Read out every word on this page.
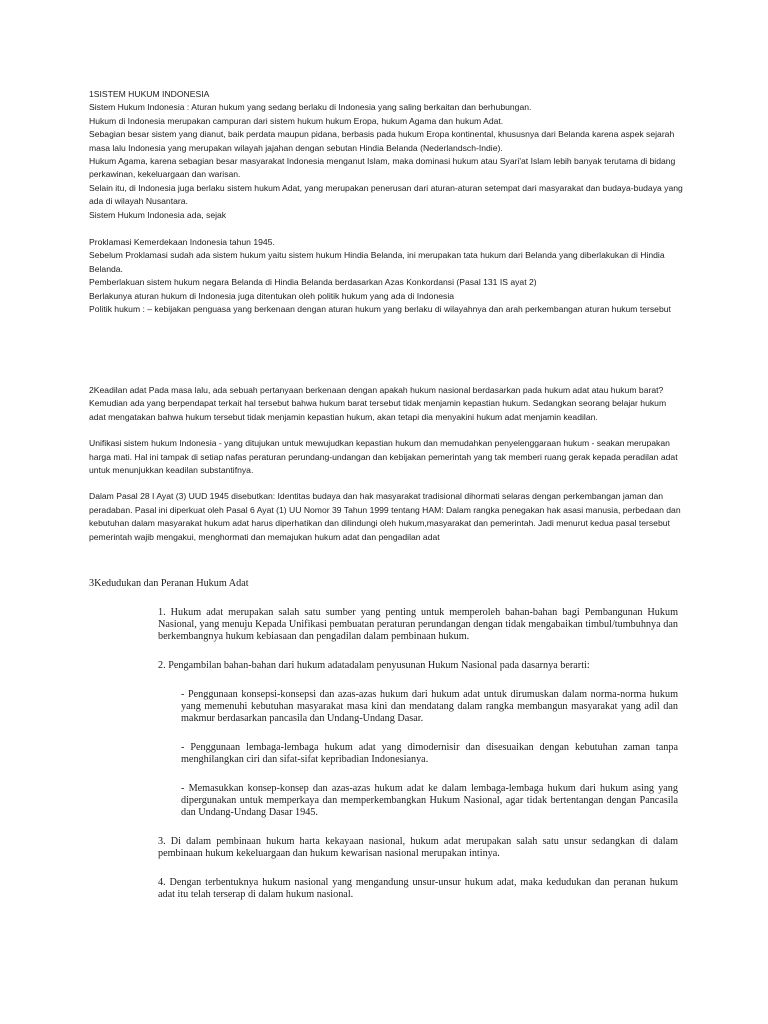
1SISTEM HUKUM INDONESIA

Sistem Hukum Indonesia : Aturan hukum yang sedang berlaku di Indonesia yang saling berkaitan dan berhubungan.

Hukum di Indonesia merupakan campuran dari sistem hukum hukum Eropa, hukum Agama dan hukum Adat.

Sebagian besar sistem yang dianut, baik perdata maupun pidana, berbasis pada hukum Eropa kontinental, khususnya dari Belanda karena aspek sejarah masa lalu Indonesia yang merupakan wilayah jajahan dengan sebutan Hindia Belanda (Nederlandsch-Indie).

Hukum Agama, karena sebagian besar masyarakat Indonesia menganut Islam, maka dominasi hukum atau Syari'at Islam lebih banyak terutama di bidang perkawinan, kekeluargaan dan warisan.

Selain itu, di Indonesia juga berlaku sistem hukum Adat, yang merupakan penerusan dari aturan-aturan setempat dari masyarakat dan budaya-budaya yang ada di wilayah Nusantara.

Sistem Hukum Indonesia ada, sejak

Proklamasi Kemerdekaan Indonesia tahun 1945.

Sebelum Proklamasi sudah ada sistem hukum yaitu sistem hukum Hindia Belanda, ini merupakan tata hukum dari Belanda yang diberlakukan di Hindia Belanda.

Pemberlakuan sistem hukum negara Belanda di Hindia Belanda berdasarkan Azas Konkordansi (Pasal 131 IS ayat 2)

Berlakunya aturan hukum di Indonesia juga ditentukan oleh politik hukum yang ada di Indonesia

Politik hukum : – kebijakan penguasa yang berkenaan dengan aturan hukum yang berlaku di wilayahnya dan arah perkembangan aturan hukum tersebut

2Keadilan adat Pada masa lalu, ada sebuah pertanyaan berkenaan dengan apakah hukum nasional berdasarkan pada hukum adat atau hukum barat? Kemudian ada yang berpendapat terkait hal tersebut bahwa hukum barat tersebut tidak menjamin kepastian hukum. Sedangkan seorang belajar hukum adat mengatakan bahwa hukum tersebut tidak menjamin kepastian hukum, akan tetapi dia menyakini hukum adat menjamin keadilan.

Unifikasi sistem hukum Indonesia - yang ditujukan untuk mewujudkan kepastian hukum dan memudahkan penyelenggaraan hukum - seakan merupakan harga mati. Hal ini tampak di setiap nafas peraturan perundang-undangan dan kebijakan pemerintah yang tak memberi ruang gerak kepada peradilan adat untuk menunjukkan keadilan substantifnya.

Dalam Pasal 28 I Ayat (3) UUD 1945 disebutkan: Identitas budaya dan hak masyarakat tradisional dihormati selaras dengan perkembangan jaman dan peradaban. Pasal ini diperkuat oleh Pasal 6 Ayat (1) UU Nomor 39 Tahun 1999 tentang HAM: Dalam rangka penegakan hak asasi manusia, perbedaan dan kebutuhan dalam masyarakat hukum adat harus diperhatikan dan dilindungi oleh hukum,masyarakat dan pemerintah. Jadi menurut kedua pasal tersebut pemerintah wajib mengakui, menghormati dan memajukan hukum adat dan pengadilan adat

3Kedudukan dan Peranan Hukum Adat

1. Hukum adat merupakan salah satu sumber yang penting untuk memperoleh bahan-bahan bagi Pembangunan Hukum Nasional, yang menuju Kepada Unifikasi pembuatan peraturan perundangan dengan tidak mengabaikan timbul/tumbuhnya dan berkembangnya hukum kebiasaan dan pengadilan dalam pembinaan hukum.

2. Pengambilan bahan-bahan dari hukum adatadalam penyusunan Hukum Nasional pada dasarnya berarti:

- Penggunaan konsepsi-konsepsi dan azas-azas hukum dari hukum adat untuk dirumuskan dalam norma-norma hukum yang memenuhi kebutuhan masyarakat masa kini dan mendatang dalam rangka membangun masyarakat yang adil dan makmur berdasarkan pancasila dan Undang-Undang Dasar.

- Penggunaan lembaga-lembaga hukum adat yang dimodernisir dan disesuaikan dengan kebutuhan zaman tanpa menghilangkan ciri dan sifat-sifat kepribadian Indonesianya.

- Memasukkan konsep-konsep dan azas-azas hukum adat ke dalam lembaga-lembaga hukum dari hukum asing yang dipergunakan untuk memperkaya dan memperkembangkan Hukum Nasional, agar tidak bertentangan dengan Pancasila dan Undang-Undang Dasar 1945.

3. Di dalam pembinaan hukum harta kekayaan nasional, hukum adat merupakan salah satu unsur sedangkan di dalam pembinaan hukum kekeluargaan dan hukum kewarisan nasional merupakan intinya.

4. Dengan terbentuknya hukum nasional yang mengandung unsur-unsur hukum adat, maka kedudukan dan peranan hukum adat itu telah terserap di dalam hukum nasional.
